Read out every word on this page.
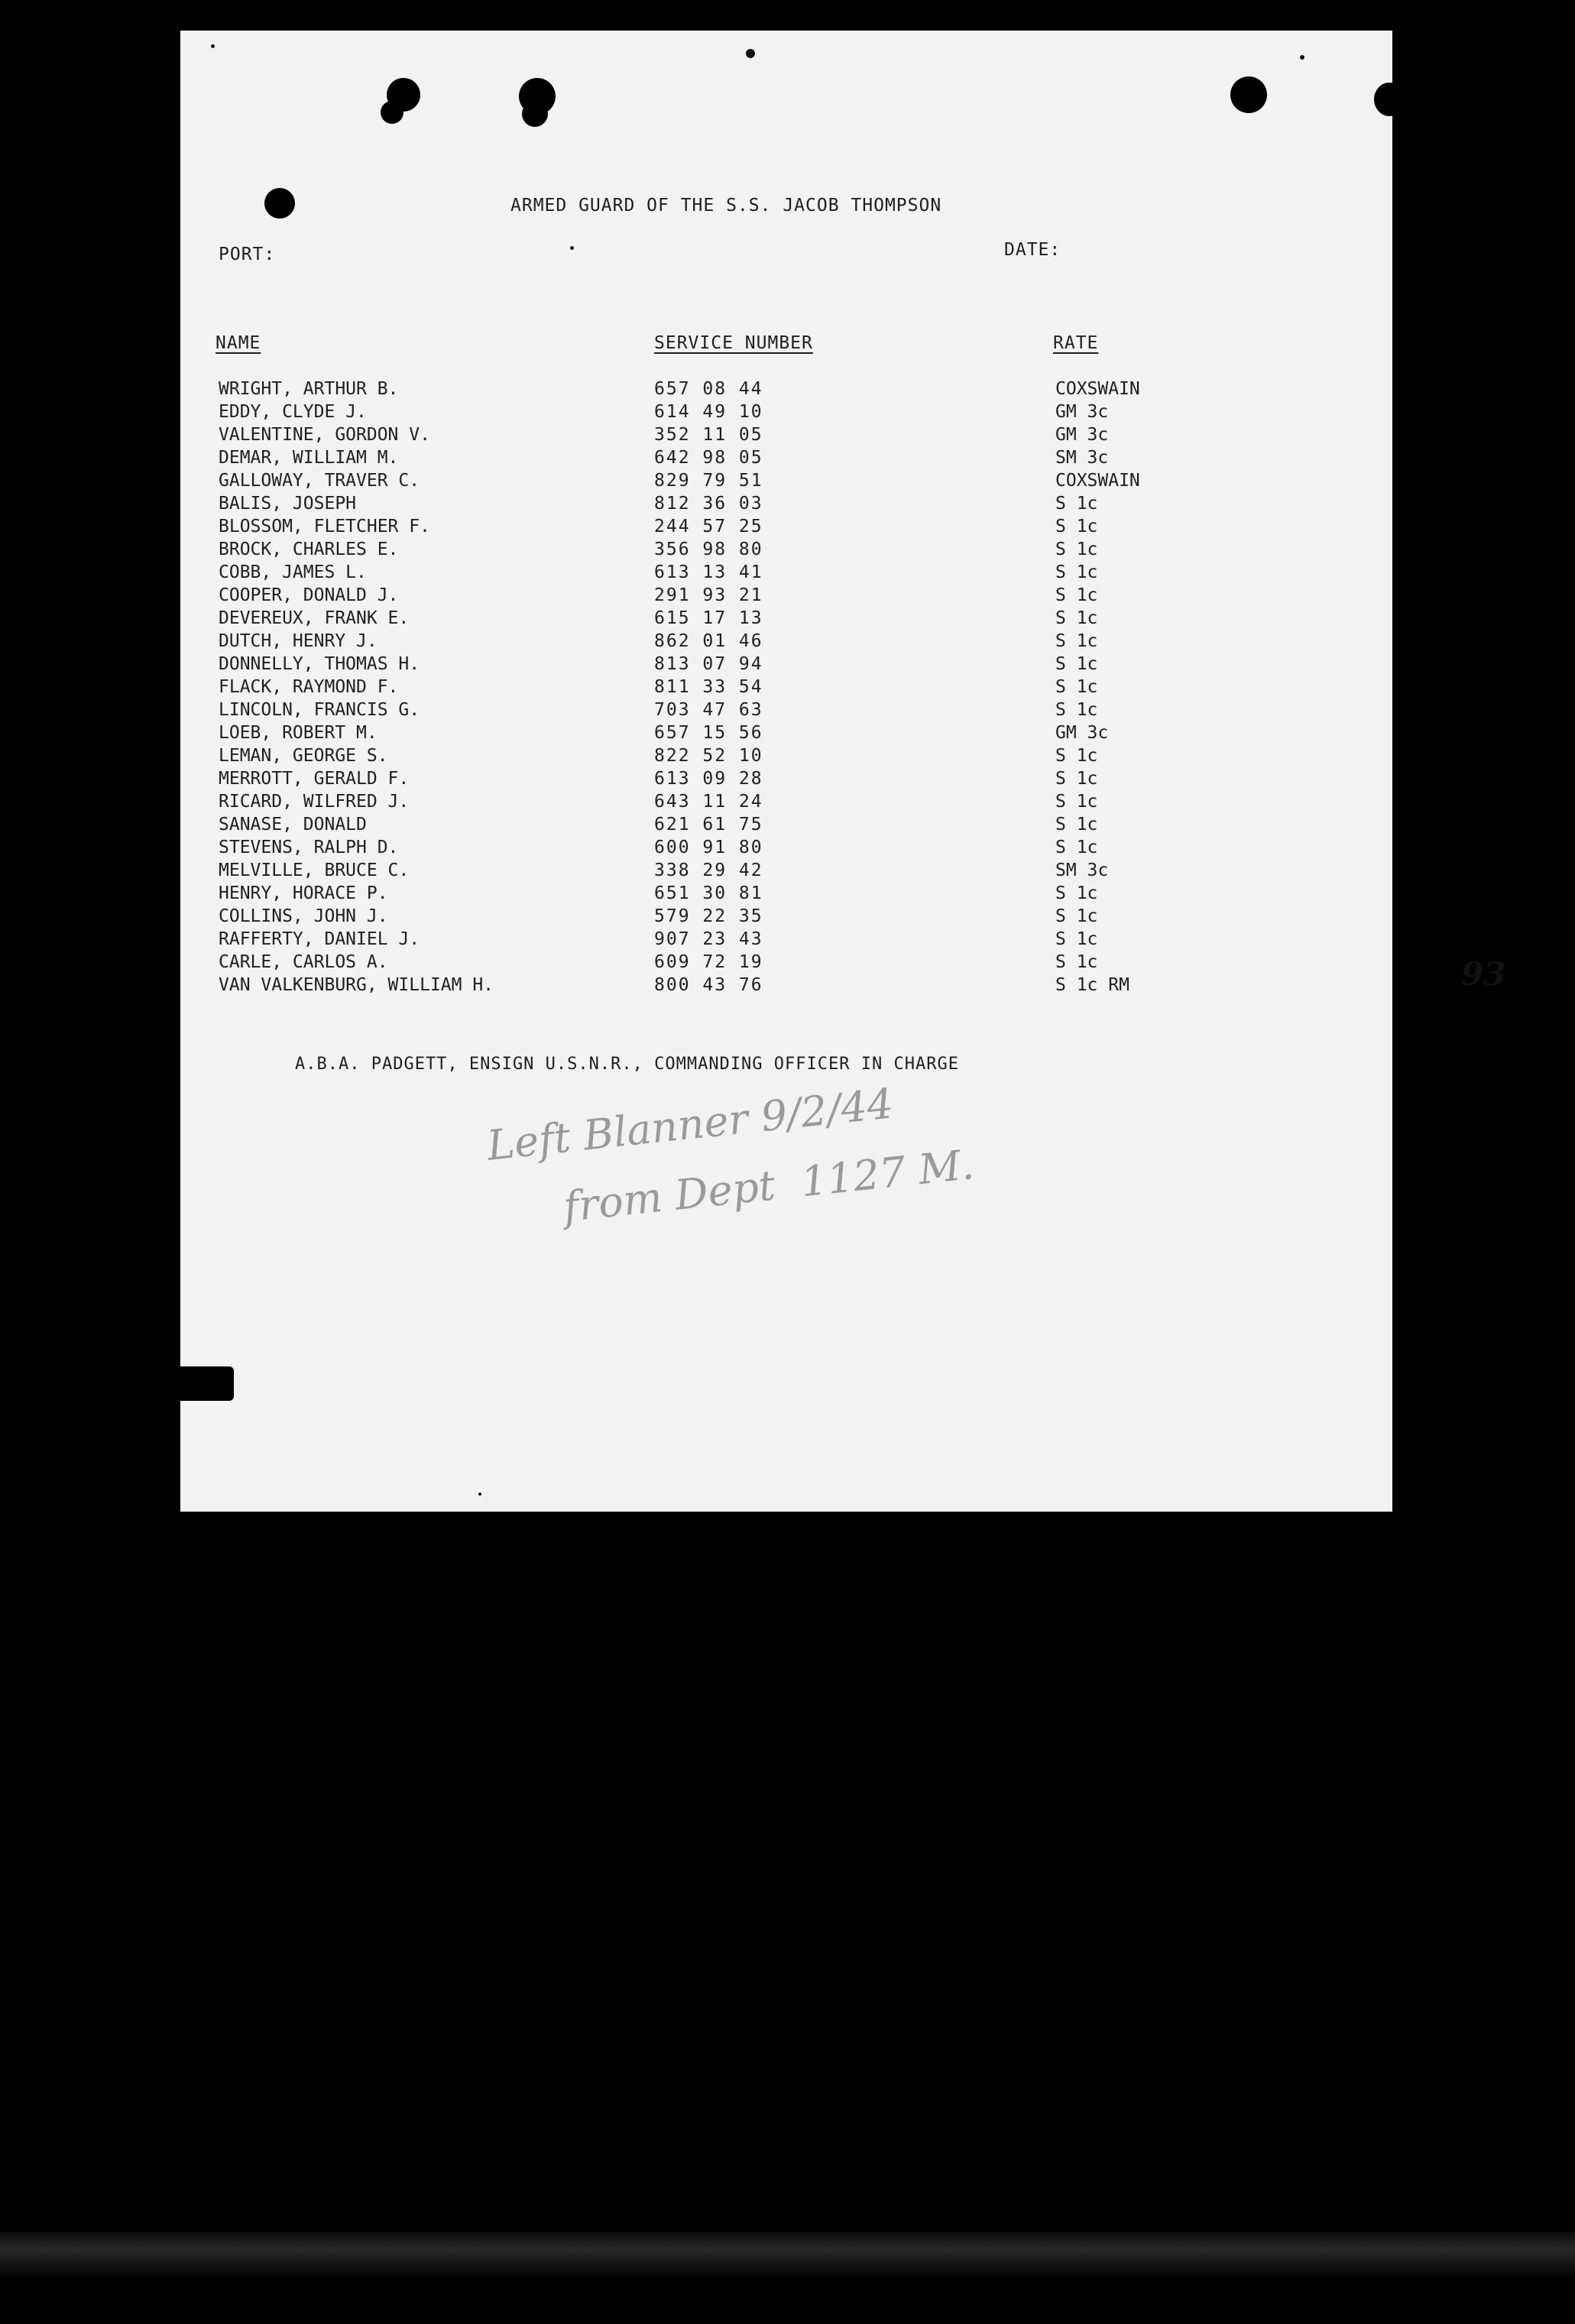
ARMED GUARD OF THE S.S. JACOB THOMPSON
PORT:	DATE:
NAME	SERVICE NUMBER	RATE
WRIGHT, ARTHUR B.	657 08 44	COXSWAIN
EDDY, CLYDE J.	614 49 10	GM 3c
VALENTINE, GORDON V.	352 11 05	GM 3c
DEMAR, WILLIAM M.	642 98 05	SM 3c
GALLOWAY, TRAVER C.	829 79 51	COXSWAIN
BALIS, JOSEPH	812 36 03	S 1c
BLOSSOM, FLETCHER F.	244 57 25	S 1c
BROCK, CHARLES E.	356 98 80	S 1c
COBB, JAMES L.	613 13 41	S 1c
COOPER, DONALD J.	291 93 21	S 1c
DEVEREUX, FRANK E.	615 17 13	S 1c
DUTCH, HENRY J.	862 01 46	S 1c
DONNELLY, THOMAS H.	813 07 94	S 1c
FLACK, RAYMOND F.	811 33 54	S 1c
LINCOLN, FRANCIS G.	703 47 63	S 1c
LOEB, ROBERT M.	657 15 56	GM 3c
LEMAN, GEORGE S.	822 52 10	S 1c
MERROTT, GERALD F.	613 09 28	S 1c
RICARD, WILFRED J.	643 11 24	S 1c
SANASE, DONALD	621 61 75	S 1c
STEVENS, RALPH D.	600 91 80	S 1c
MELVILLE, BRUCE C.	338 29 42	SM 3c
HENRY, HORACE P.	651 30 81	S 1c
COLLINS, JOHN J.	579 22 35	S 1c
RAFFERTY, DANIEL J.	907 23 43	S 1c
CARLE, CARLOS A.	609 72 19	S 1c
VAN VALKENBURG, WILLIAM H.	800 43 76	S 1c RM	93
A.B.A. PADGETT, ENSIGN U.S.N.R., COMMANDING OFFICER IN CHARGE
Left Blanner 9/2/44
from Dept  1127 M.
